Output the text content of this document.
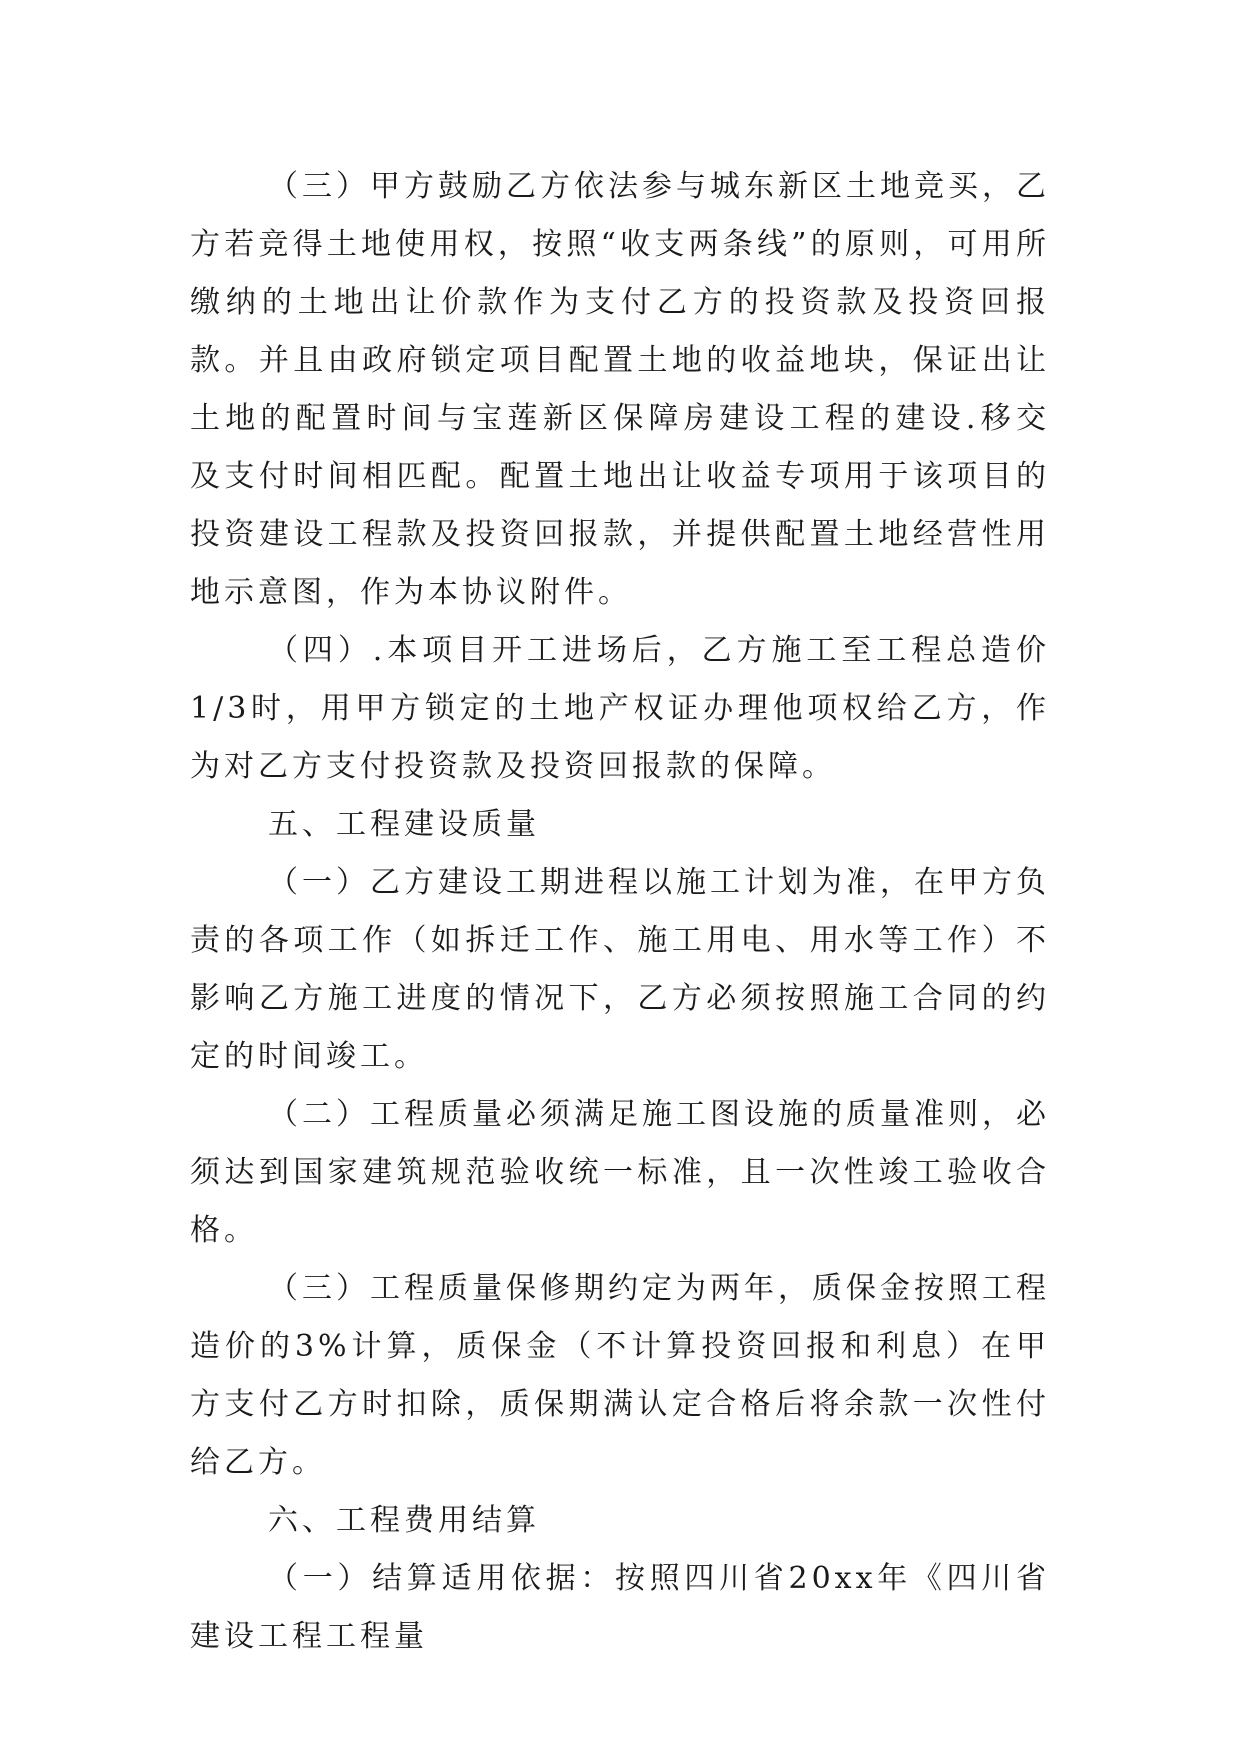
（三）甲方鼓励乙方依法参与城东新区土地竞买，乙方若竞得土地使用权，按照“收支两条线”的原则，可用所缴纳的土地出让价款作为支付乙方的投资款及投资回报款。并且由政府锁定项目配置土地的收益地块，保证出让土地的配置时间与宝莲新区保障房建设工程的建设.移交及支付时间相匹配。配置土地出让收益专项用于该项目的投资建设工程款及投资回报款，并提供配置土地经营性用地示意图，作为本协议附件。

（四）.本项目开工进场后，乙方施工至工程总造价1/3时，用甲方锁定的土地产权证办理他项权给乙方，作为对乙方支付投资款及投资回报款的保障。

五、工程建设质量

（一）乙方建设工期进程以施工计划为准，在甲方负责的各项工作（如拆迁工作、施工用电、用水等工作）不影响乙方施工进度的情况下，乙方必须按照施工合同的约定的时间竣工。

（二）工程质量必须满足施工图设施的质量准则，必须达到国家建筑规范验收统一标准，且一次性竣工验收合格。

（三）工程质量保修期约定为两年，质保金按照工程造价的3%计算，质保金（不计算投资回报和利息）在甲方支付乙方时扣除，质保期满认定合格后将余款一次性付给乙方。

六、工程费用结算

（一）结算适用依据：按照四川省20xx年《四川省建设工程工程量
